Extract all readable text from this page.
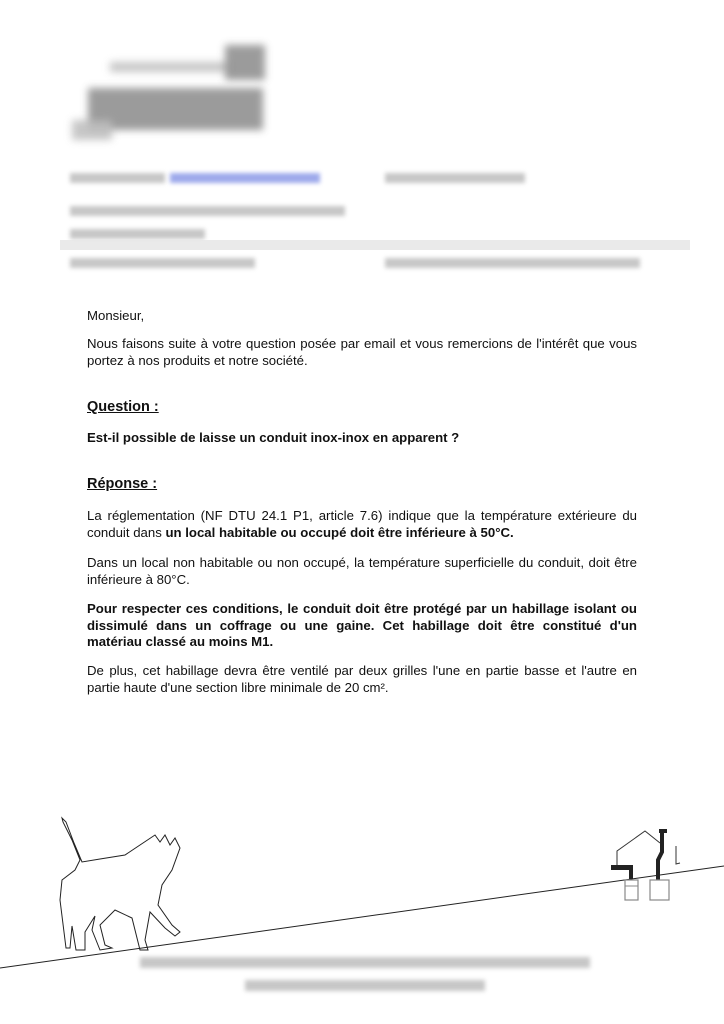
Monsieur,

Nous faisons suite à votre question posée par email et vous remercions de l'intérêt que vous portez à nos produits et notre société.

Question :

Est-il possible de laisse un conduit inox-inox en apparent ?

Réponse :

La réglementation (NF DTU 24.1 P1, article 7.6) indique que la température extérieure du conduit dans un local habitable ou occupé doit être inférieure à 50°C.

Dans un local non habitable ou non occupé, la température superficielle du conduit, doit être inférieure à 80°C.

Pour respecter ces conditions, le conduit doit être protégé par un habillage isolant ou dissimulé dans un coffrage ou une gaine. Cet habillage doit être constitué d'un matériau classé au moins M1.

De plus, cet habillage devra être ventilé par deux grilles l'une en partie basse et l'autre en partie haute d'une section libre minimale de 20 cm².
